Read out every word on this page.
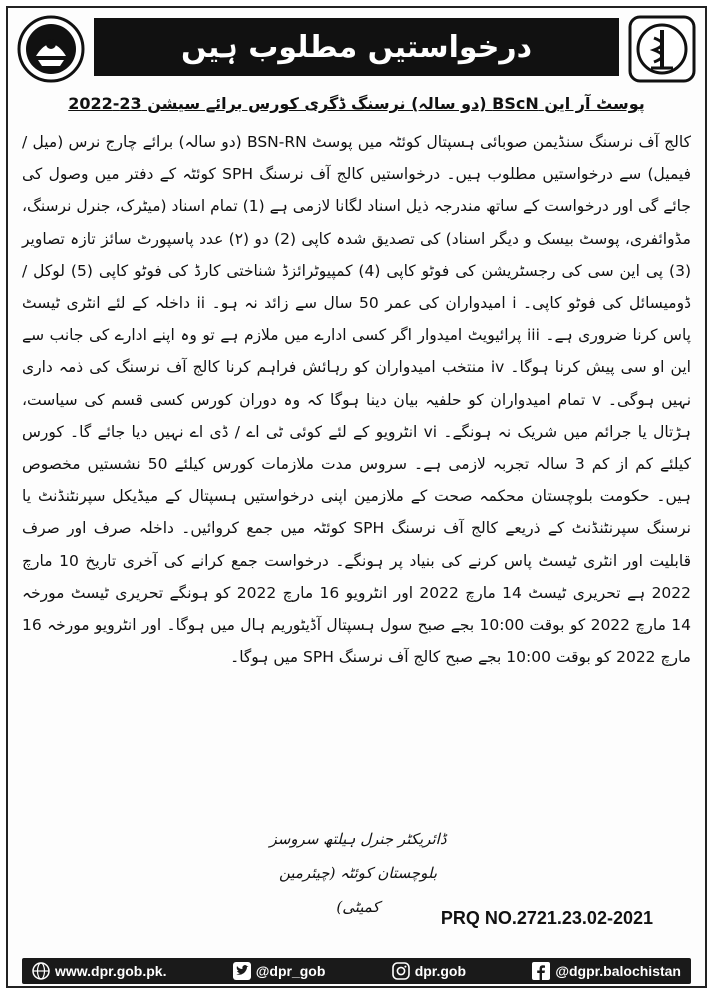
درخواستیں مطلوب ہیں
پوسٹ آر این BScN (دو سالہ) نرسنگ ڈگری کورس برائے سیشن 23-2022
کالج آف نرسنگ سنڈیمن صوبائی ہسپتال کوئٹہ میں پوسٹ BSN-RN (دو سالہ) برائے چارج نرس (میل / فیمیل) سے درخواستیں مطلوب ہیں۔ درخواستیں کالج آف نرسنگ SPH کوئٹہ کے دفتر میں وصول کی جائے گی اور درخواست کے ساتھ مندرجہ ذیل اسناد لگانا لازمی ہے (1) تمام اسناد (میٹرک، جنرل نرسنگ، مڈوائفری، پوسٹ بیسک و دیگر اسناد) کی تصدیق شدہ کاپی (2) دو (۲) عدد پاسپورٹ سائز تازہ تصاویر (3) پی این سی کی رجسٹریشن کی فوٹو کاپی (4) کمپیوٹرائزڈ شناختی کارڈ کی فوٹو کاپی (5) لوکل / ڈومیسائل کی فوٹو کاپی۔ i امیدواران کی عمر 50 سال سے زائد نہ ہو۔ ii داخلہ کے لئے انٹری ٹیسٹ پاس کرنا ضروری ہے۔ iii پرائیویٹ امیدوار اگر کسی ادارے میں ملازم ہے تو وہ اپنے ادارے کی جانب سے این او سی پیش کرنا ہوگا۔ iv منتخب امیدواران کو رہائش فراہم کرنا کالج آف نرسنگ کی ذمہ داری نہیں ہوگی۔ v تمام امیدواران کو حلفیہ بیان دینا ہوگا کہ وہ دوران کورس کسی قسم کی سیاست، ہڑتال یا جرائم میں شریک نہ ہونگے۔ vi انٹرویو کے لئے کوئی ٹی اے / ڈی اے نہیں دیا جائے گا۔ کورس کیلئے کم از کم 3 سالہ تجربہ لازمی ہے۔ سروس مدت ملازمات کورس کیلئے 50 نشستیں مخصوص ہیں۔ حکومت بلوچستان محکمہ صحت کے ملازمین اپنی درخواستیں ہسپتال کے میڈیکل سپرنٹنڈنٹ یا نرسنگ سپرنٹنڈنٹ کے ذریعے کالج آف نرسنگ SPH کوئٹہ میں جمع کروائیں۔ داخلہ صرف اور صرف قابلیت اور انٹری ٹیسٹ پاس کرنے کی بنیاد پر ہونگے۔ درخواست جمع کرانے کی آخری تاریخ 10 مارچ 2022 ہے تحریری ٹیسٹ 14 مارچ 2022 اور انٹرویو 16 مارچ 2022 کو ہونگے تحریری ٹیسٹ مورخہ 14 مارچ 2022 کو بوقت 10:00 بجے صبح سول ہسپتال آڈیٹوریم ہال میں ہوگا۔ اور انٹرویو مورخہ 16 مارچ 2022 کو بوقت 10:00 بجے صبح کالج آف نرسنگ SPH میں ہوگا۔
ڈائریکٹر جنرل ہیلتھ سروسز
بلوچستان کوئٹہ (چیئرمین کمیٹی)
PRQ NO.2721.23.02-2021
www.dpr.gob.pk.	@dpr_gob	dpr.gob	@dgpr.balochistan
